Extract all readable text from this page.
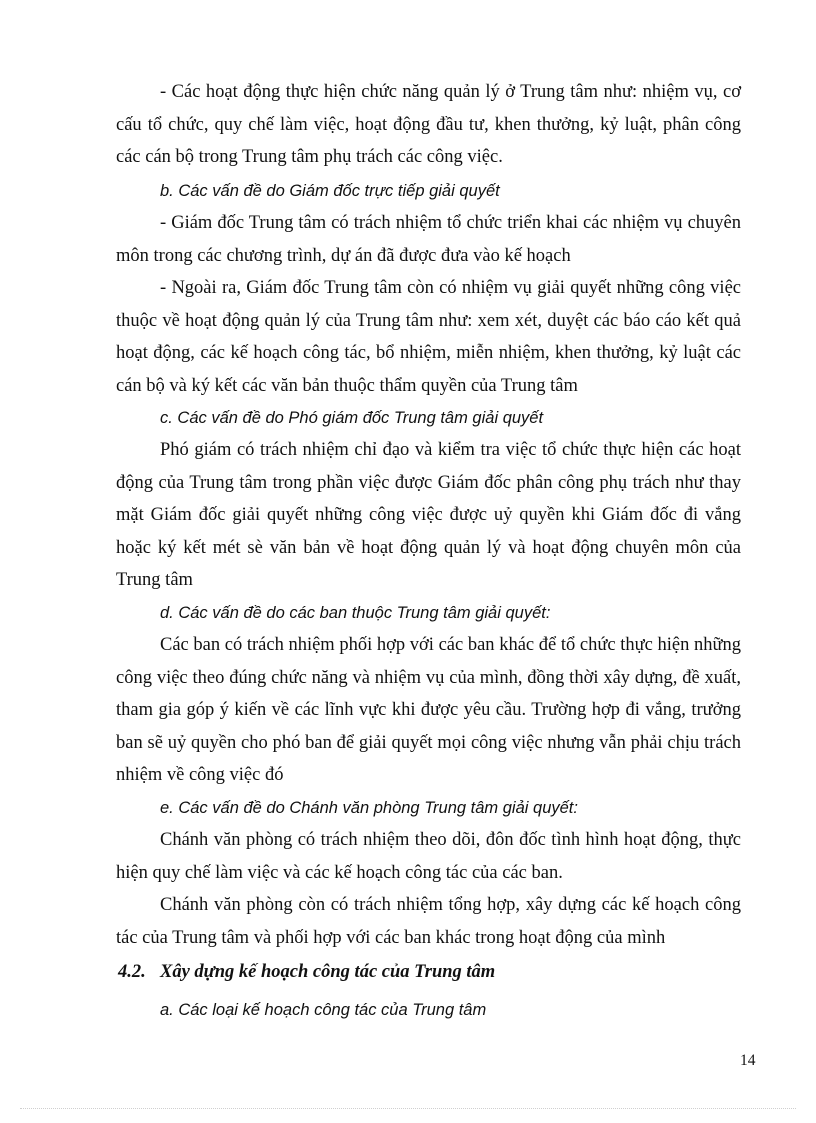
- Các hoạt động thực hiện chức năng quản lý ở Trung tâm như: nhiệm vụ, cơ cấu tổ chức, quy chế làm việc, hoạt động đầu tư, khen thưởng, kỷ luật, phân công các cán bộ trong Trung tâm phụ trách các công việc.

b. Các vấn đề do Giám đốc trực tiếp giải quyết

- Giám đốc Trung tâm có trách nhiệm tổ chức triển khai các nhiệm vụ chuyên môn trong các chương trình, dự án đã được đưa vào kế hoạch

- Ngoài ra, Giám đốc Trung tâm còn có nhiệm vụ giải quyết những công việc thuộc về hoạt động quản lý của Trung tâm như: xem xét, duyệt các báo cáo kết quả hoạt động, các kế hoạch công tác, bổ nhiệm, miễn nhiệm, khen thưởng, kỷ luật các cán bộ và ký kết các văn bản thuộc thẩm quyền của Trung tâm

c. Các vấn đề do Phó giám đốc Trung tâm giải quyết

Phó giám có trách nhiệm chỉ đạo và kiểm tra việc tổ chức thực hiện các hoạt động của Trung tâm trong phần việc được Giám đốc phân công phụ trách như thay mặt Giám đốc giải quyết những công việc được uỷ quyền khi Giám đốc đi vắng hoặc ký kết mét sè văn bản về hoạt động quản lý và hoạt động chuyên môn của Trung tâm

d. Các vấn đề do các ban thuộc Trung tâm giải quyết:

Các ban có trách nhiệm phối hợp với các ban khác để tổ chức thực hiện những công việc theo đúng chức năng và nhiệm vụ của mình, đồng thời xây dựng, đề xuất, tham gia góp ý kiến về các lĩnh vực khi được yêu cầu. Trường hợp đi vắng, trưởng ban sẽ uỷ quyền cho phó ban để giải quyết mọi công việc nhưng vẫn phải chịu trách nhiệm về công việc đó

e. Các vấn đề do Chánh văn phòng Trung tâm giải quyết:

Chánh văn phòng có trách nhiệm theo dõi, đôn đốc tình hình hoạt động, thực hiện quy chế làm việc và các kế hoạch công tác của các ban.

Chánh văn phòng còn có trách nhiệm tổng hợp, xây dựng các kế hoạch công tác của Trung tâm và phối hợp với các ban khác trong hoạt động của mình

4.2. Xây dựng kế hoạch công tác của Trung tâm

a. Các loại kế hoạch công tác của Trung tâm

14
